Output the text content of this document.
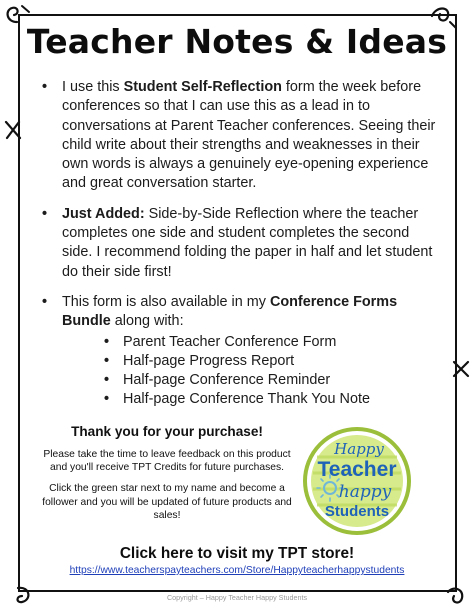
Teacher Notes & Ideas
• I use this Student Self-Reflection form the week before conferences so that I can use this as a lead in to conversations at Parent Teacher conferences. Seeing their child write about their strengths and weaknesses in their own words is always a genuinely eye-opening experience and great conversation starter.
• Just Added: Side-by-Side Reflection where the teacher completes one side and student completes the second side. I recommend folding the paper in half and let student do their side first!
• This form is also available in my Conference Forms Bundle along with:
• Parent Teacher Conference Form
• Half-page Progress Report
• Half-page Conference Reminder
• Half-page Conference Thank You Note
Thank you for your purchase!
Please take the time to leave feedback on this product and you'll receive TPT Credits for future purchases.
Click the green star next to my name and become a follower and you will be updated of future products and sales!
Happy
Teacher
happy
Students
Click here to visit my TPT store!
https://www.teacherspayteachers.com/Store/Happyteacherhappystudents
Copyright – Happy Teacher Happy Students
